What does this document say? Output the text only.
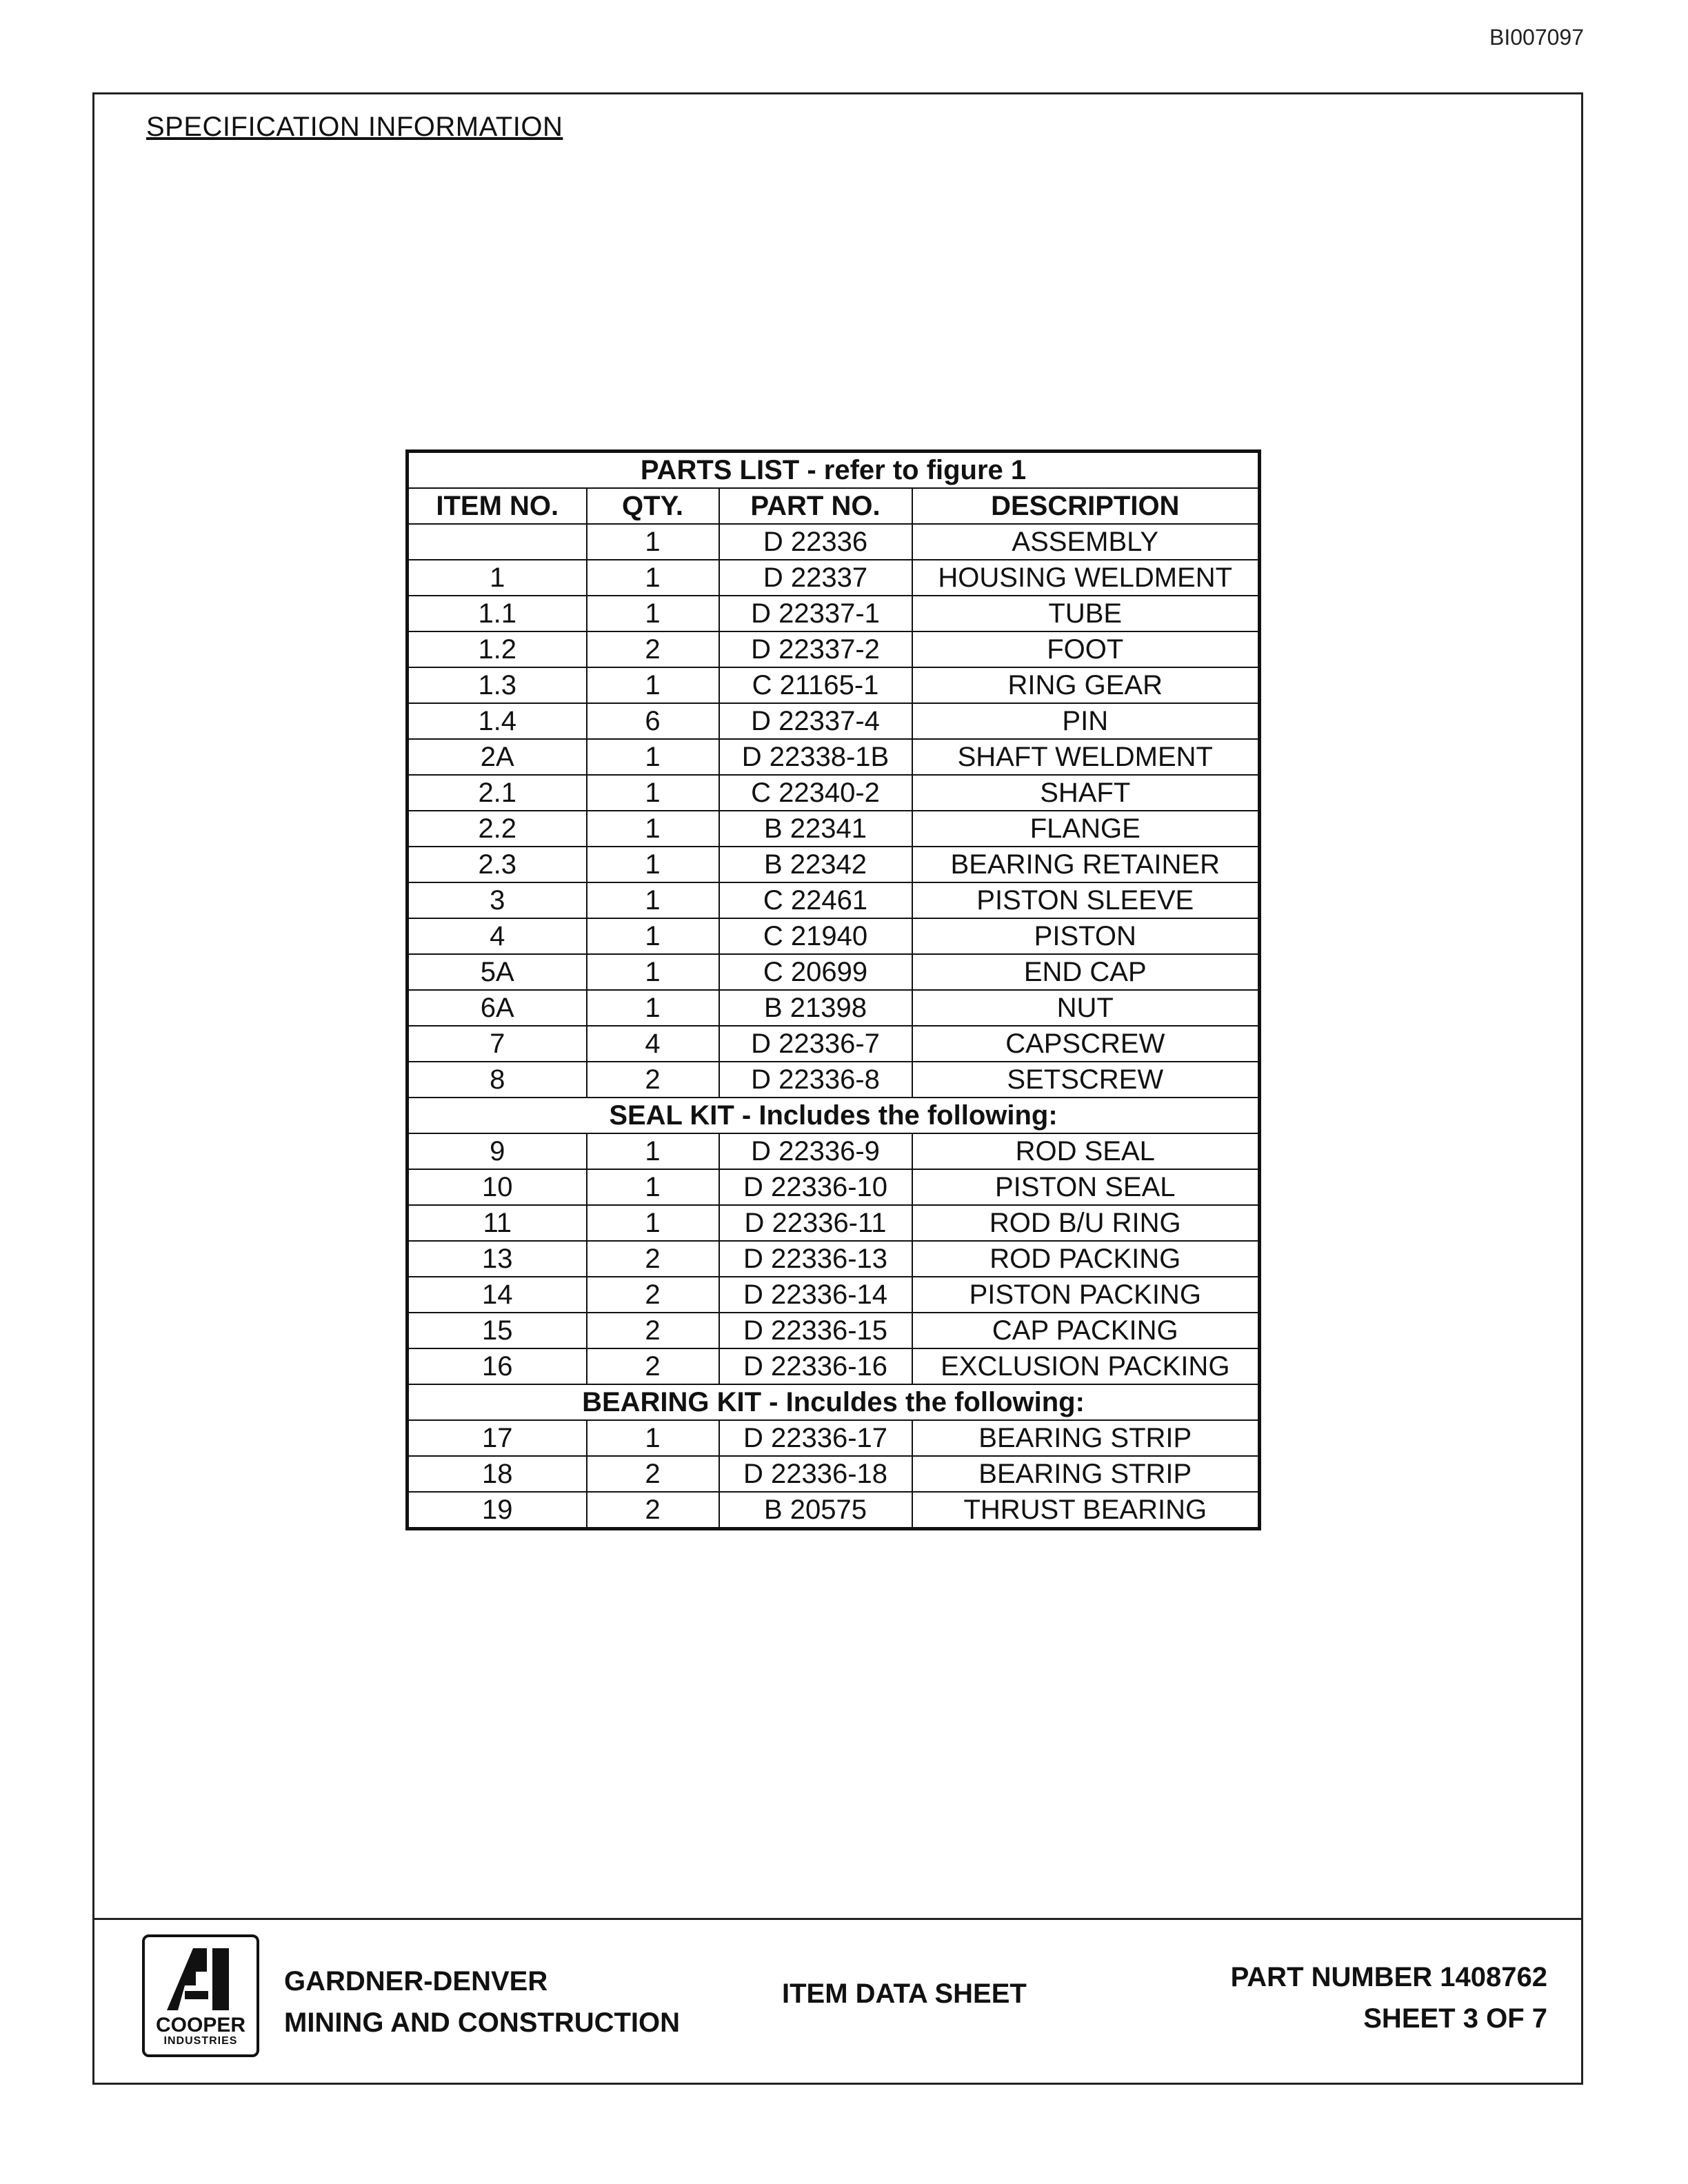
BI007097
SPECIFICATION INFORMATION
PARTS LIST - refer to figure 1			
ITEM NO.	QTY.	PART NO.	DESCRIPTION
	1	D 22336	ASSEMBLY
1	1	D 22337	HOUSING WELDMENT
1.1	1	D 22337-1	TUBE
1.2	2	D 22337-2	FOOT
1.3	1	C 21165-1	RING GEAR
1.4	6	D 22337-4	PIN
2A	1	D 22338-1B	SHAFT WELDMENT
2.1	1	C 22340-2	SHAFT
2.2	1	B 22341	FLANGE
2.3	1	B 22342	BEARING RETAINER
3	1	C 22461	PISTON SLEEVE
4	1	C 21940	PISTON
5A	1	C 20699	END CAP
6A	1	B 21398	NUT
7	4	D 22336-7	CAPSCREW
8	2	D 22336-8	SETSCREW
SEAL KIT - Includes the following:			
9	1	D 22336-9	ROD SEAL
10	1	D 22336-10	PISTON SEAL
11	1	D 22336-11	ROD B/U RING
13	2	D 22336-13	ROD PACKING
14	2	D 22336-14	PISTON PACKING
15	2	D 22336-15	CAP PACKING
16	2	D 22336-16	EXCLUSION PACKING
BEARING KIT - Inculdes the following:			
17	1	D 22336-17	BEARING STRIP
18	2	D 22336-18	BEARING STRIP
19	2	B 20575	THRUST BEARING
COOPER
INDUSTRIES
GARDNER-DENVER
MINING AND CONSTRUCTION
ITEM DATA SHEET
PART NUMBER 1408762
SHEET 3 OF 7
